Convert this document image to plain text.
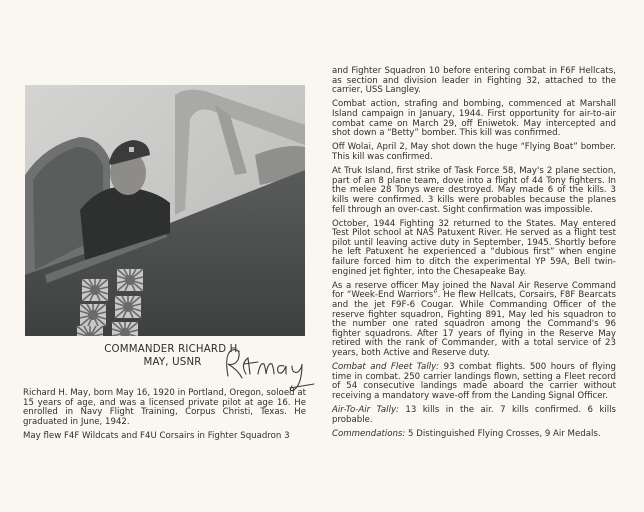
COMMANDER RICHARD H.
MAY, USNR

Richard H. May, born May 16, 1920 in Portland, Oregon, soloed at 15 years of age, and was a licensed private pilot at age 16. He enrolled in Navy Flight Training, Corpus Christi, Texas. He graduated in June, 1942.

May flew F4F Wildcats and F4U Corsairs in Fighter Squadron 3

and Fighter Squadron 10 before entering combat in F6F Hellcats, as section and division leader in Fighting 32, attached to the carrier, USS Langley.

Combat action, strafing and bombing, commenced at Marshall Island campaign in January, 1944. First opportunity for air-to-air combat came on March 29, off Eniwetok. May intercepted and shot down a “Betty” bomber. This kill was confirmed.

Off Wolai, April 2, May shot down the huge “Flying Boat” bomber. This kill was confirmed.

At Truk Island, first strike of Task Force 58, May's 2 plane section, part of an 8 plane team, dove into a flight of 44 Tony fighters. In the melee 28 Tonys were destroyed. May made 6 of the kills. 3 kills were confirmed. 3 kills were probables because the planes fell through an over-cast. Sight confirmation was impossible.

October, 1944 Fighting 32 returned to the States. May entered Test Pilot school at NAS Patuxent River. He served as a flight test pilot until leaving active duty in September, 1945. Shortly before he left Patuxent he experienced a “dubious first” when engine failure forced him to ditch the experimental YP 59A, Bell twin-engined jet fighter, into the Chesapeake Bay.

As a reserve officer May joined the Naval Air Reserve Command for “Week-End Warriors”. He flew Hellcats, Corsairs, F8F Bearcats and the jet F9F-6 Cougar. While Commanding Officer of the reserve fighter squadron, Fighting 891, May led his squadron to the number one rated squadron among the Command's 96 fighter squadrons. After 17 years of flying in the Reserve May retired with the rank of Commander, with a total service of 23 years, both Active and Reserve duty.

Combat and Fleet Tally: 93 combat flights. 500 hours of flying time in combat. 250 carrier landings flown, setting a Fleet record of 54 consecutive landings made aboard the carrier without receiving a mandatory wave-off from the Landing Signal Officer.

Air-To-Air Tally: 13 kills in the air. 7 kills confirmed. 6 kills probable.

Commendations: 5 Distinguished Flying Crosses, 9 Air Medals.
